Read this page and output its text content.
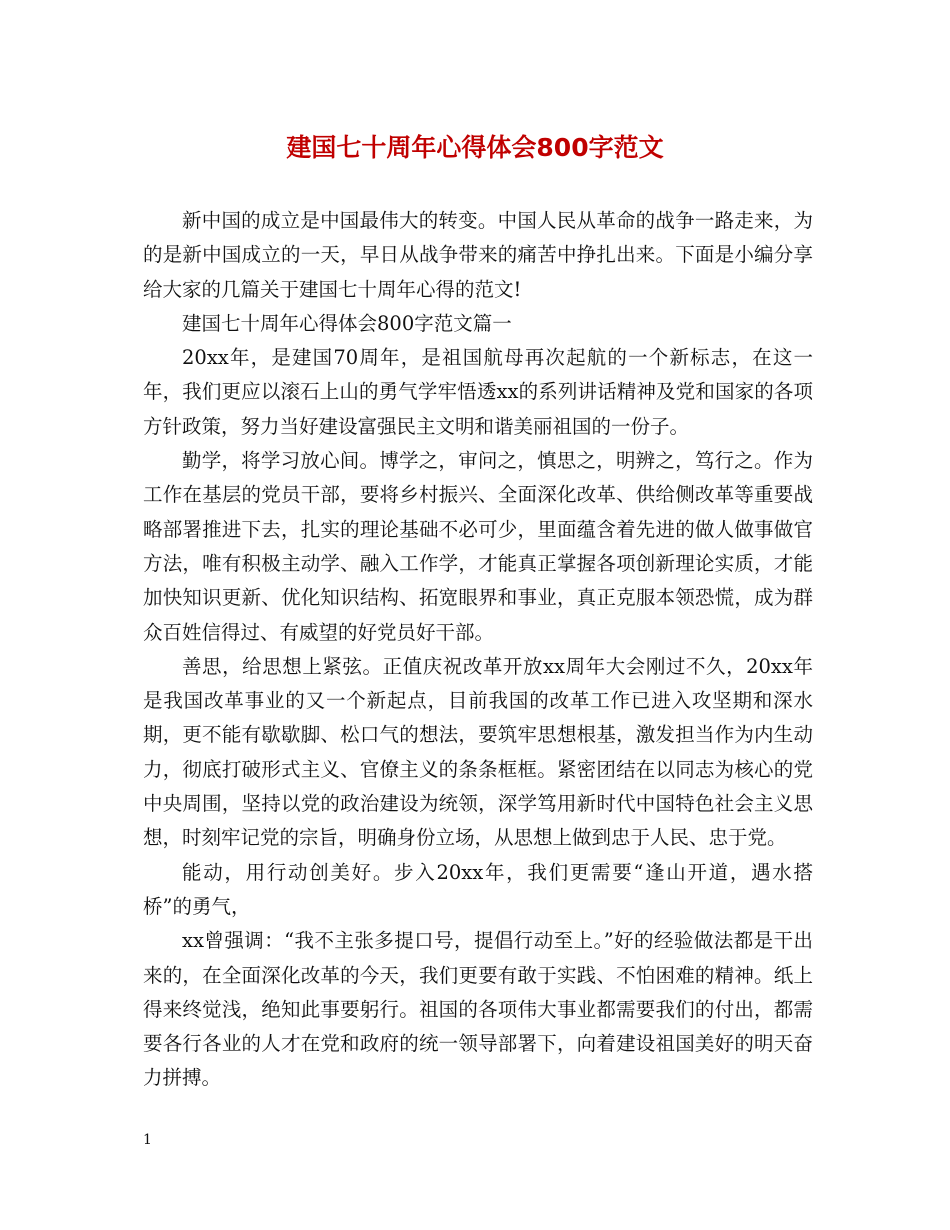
建国七十周年心得体会800字范文

新中国的成立是中国最伟大的转变。中国人民从革命的战争一路走来，为的是新中国成立的一天，早日从战争带来的痛苦中挣扎出来。下面是小编分享给大家的几篇关于建国七十周年心得的范文!

建国七十周年心得体会800字范文篇一

20xx年，是建国70周年，是祖国航母再次起航的一个新标志，在这一年，我们更应以滚石上山的勇气学牢悟透xx的系列讲话精神及党和国家的各项方针政策，努力当好建设富强民主文明和谐美丽祖国的一份子。

勤学，将学习放心间。博学之，审问之，慎思之，明辨之，笃行之。作为工作在基层的党员干部，要将乡村振兴、全面深化改革、供给侧改革等重要战略部署推进下去，扎实的理论基础不必可少，里面蕴含着先进的做人做事做官方法，唯有积极主动学、融入工作学，才能真正掌握各项创新理论实质，才能加快知识更新、优化知识结构、拓宽眼界和事业，真正克服本领恐慌，成为群众百姓信得过、有威望的好党员好干部。

善思，给思想上紧弦。正值庆祝改革开放xx周年大会刚过不久，20xx年是我国改革事业的又一个新起点，目前我国的改革工作已进入攻坚期和深水期，更不能有歇歇脚、松口气的想法，要筑牢思想根基，激发担当作为内生动力，彻底打破形式主义、官僚主义的条条框框。紧密团结在以同志为核心的党中央周围，坚持以党的政治建设为统领，深学笃用新时代中国特色社会主义思想，时刻牢记党的宗旨，明确身份立场，从思想上做到忠于人民、忠于党。

能动，用行动创美好。步入20xx年，我们更需要“逢山开道，遇水搭桥”的勇气，

xx曾强调：“我不主张多提口号，提倡行动至上。”好的经验做法都是干出来的，在全面深化改革的今天，我们更要有敢于实践、不怕困难的精神。纸上得来终觉浅，绝知此事要躬行。祖国的各项伟大事业都需要我们的付出，都需要各行各业的人才在党和政府的统一领导部署下，向着建设祖国美好的明天奋力拼搏。

1
